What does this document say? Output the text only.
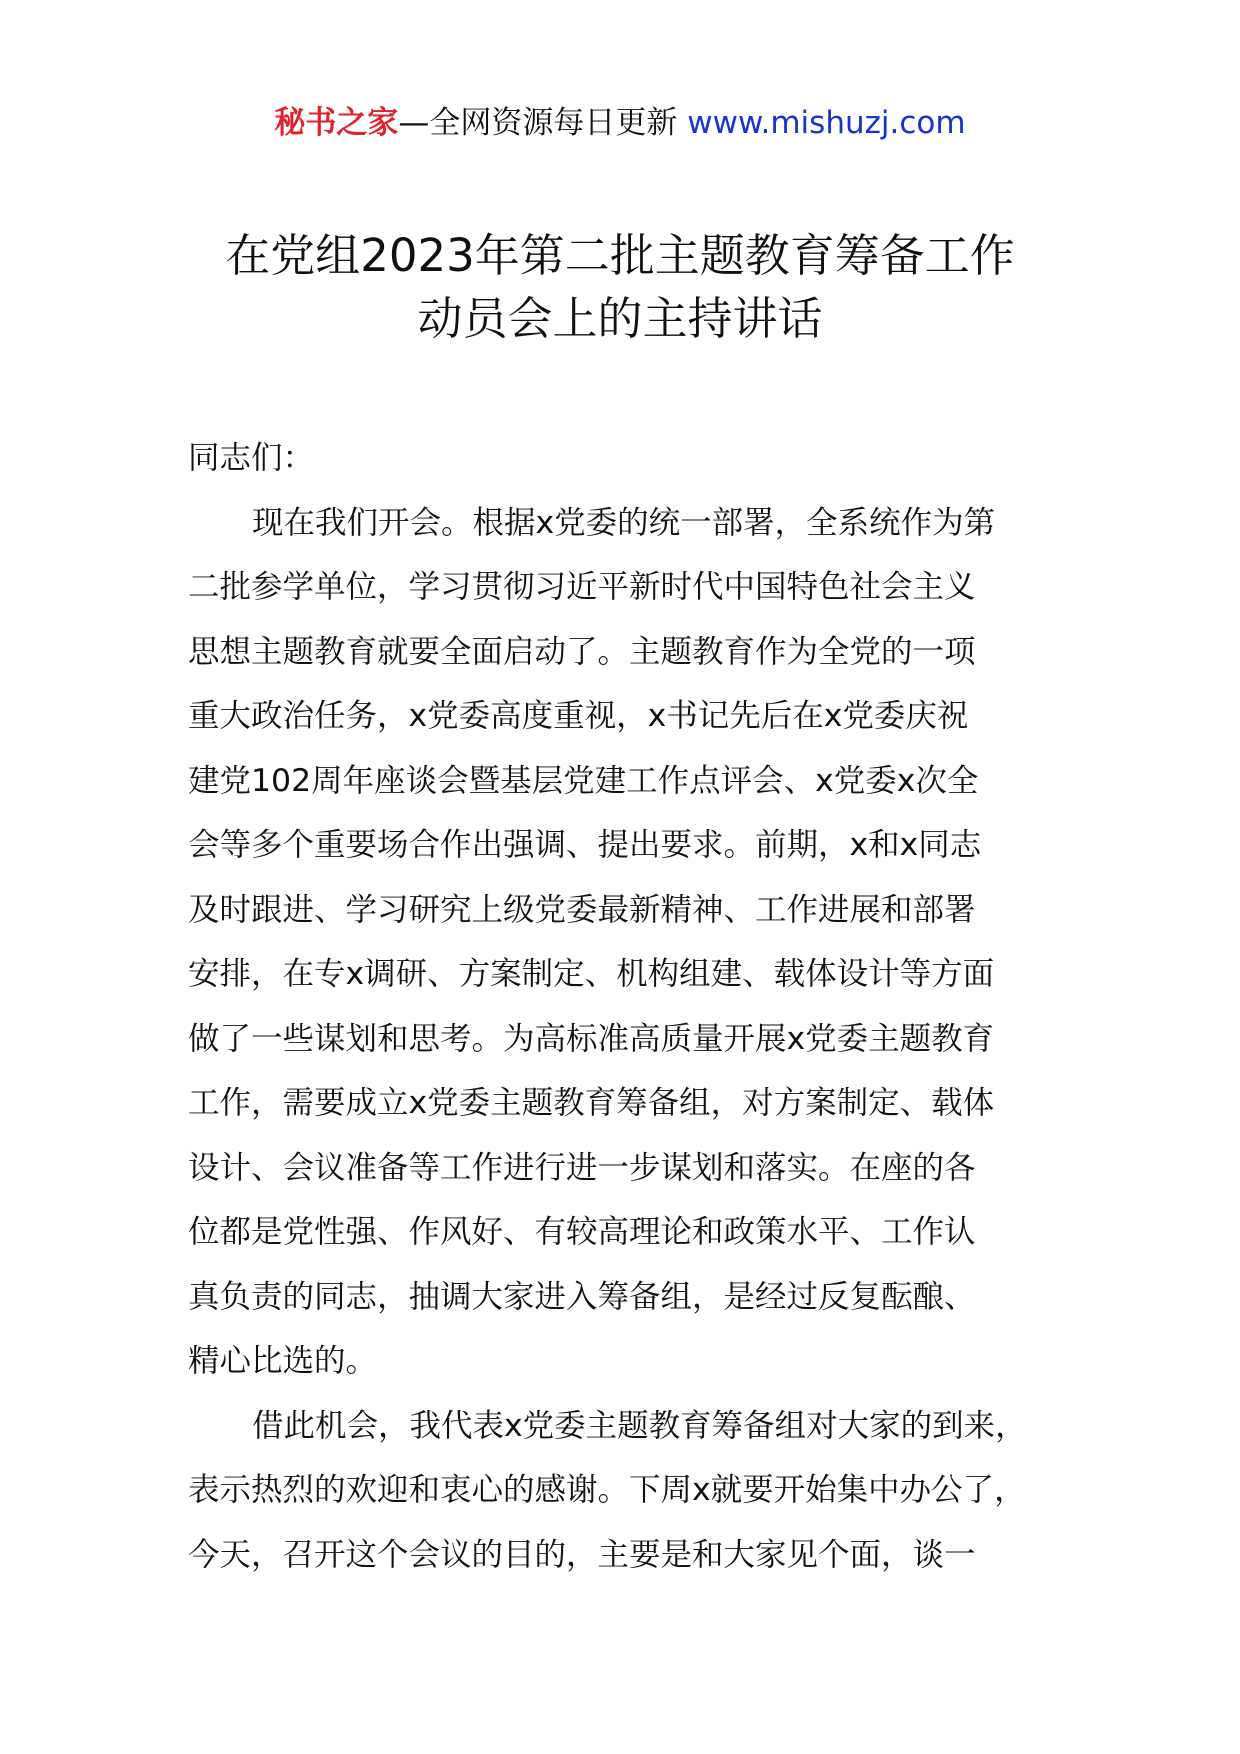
秘书之家—全网资源每日更新 www.mishuzj.com
在党组2023年第二批主题教育筹备工作
动员会上的主持讲话
同志们：
现在我们开会。根据x党委的统一部署，全系统作为第
二批参学单位，学习贯彻习近平新时代中国特色社会主义
思想主题教育就要全面启动了。主题教育作为全党的一项
重大政治任务，x党委高度重视，x书记先后在x党委庆祝
建党102周年座谈会暨基层党建工作点评会、x党委x次全
会等多个重要场合作出强调、提出要求。前期，x和x同志
及时跟进、学习研究上级党委最新精神、工作进展和部署
安排，在专x调研、方案制定、机构组建、载体设计等方面
做了一些谋划和思考。为高标准高质量开展x党委主题教育
工作，需要成立x党委主题教育筹备组，对方案制定、载体
设计、会议准备等工作进行进一步谋划和落实。在座的各
位都是党性强、作风好、有较高理论和政策水平、工作认
真负责的同志，抽调大家进入筹备组，是经过反复酝酿、
精心比选的。
借此机会，我代表x党委主题教育筹备组对大家的到来，
表示热烈的欢迎和衷心的感谢。下周x就要开始集中办公了，
今天，召开这个会议的目的，主要是和大家见个面，谈一
